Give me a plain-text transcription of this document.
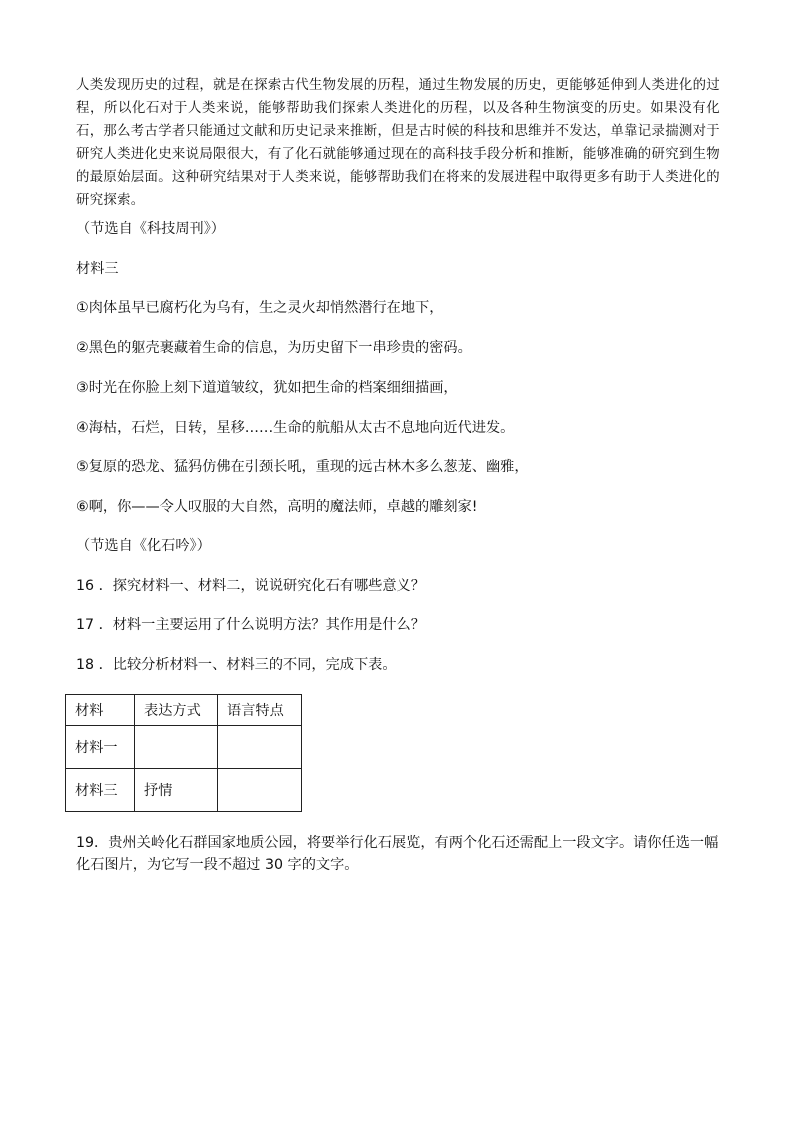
人类发现历史的过程，就是在探索古代生物发展的历程，通过生物发展的历史，更能够延伸到人类进化的过程，所以化石对于人类来说，能够帮助我们探索人类进化的历程，以及各种生物演变的历史。如果没有化石，那么考古学者只能通过文献和历史记录来推断，但是古时候的科技和思维并不发达，单靠记录揣测对于研究人类进化史来说局限很大，有了化石就能够通过现在的高科技手段分析和推断，能够准确的研究到生物的最原始层面。这种研究结果对于人类来说，能够帮助我们在将来的发展进程中取得更多有助于人类进化的研究探索。
（节选自《科技周刊》）
材料三
①肉体虽早已腐朽化为乌有，生之灵火却悄然潜行在地下，
②黑色的躯壳裹藏着生命的信息，为历史留下一串珍贵的密码。
③时光在你脸上刻下道道皱纹，犹如把生命的档案细细描画，
④海枯，石烂，日转，星移……生命的航船从太古不息地向近代进发。
⑤复原的恐龙、猛犸仿佛在引颈长吼，重现的远古林木多么葱茏、幽雅，
⑥啊，你——令人叹服的大自然，高明的魔法师，卓越的雕刻家!
（节选自《化石吟》）
16 ．探究材料一、材料二，说说研究化石有哪些意义？
17 ．材料一主要运用了什么说明方法？其作用是什么？
18 ．比较分析材料一、材料三的不同，完成下表。
材料	表达方式	语言特点
材料一		
材料三	抒情	
19．贵州关岭化石群国家地质公园，将要举行化石展览，有两个化石还需配上一段文字。请你任选一幅化石图片，为它写一段不超过 30 字的文字。
